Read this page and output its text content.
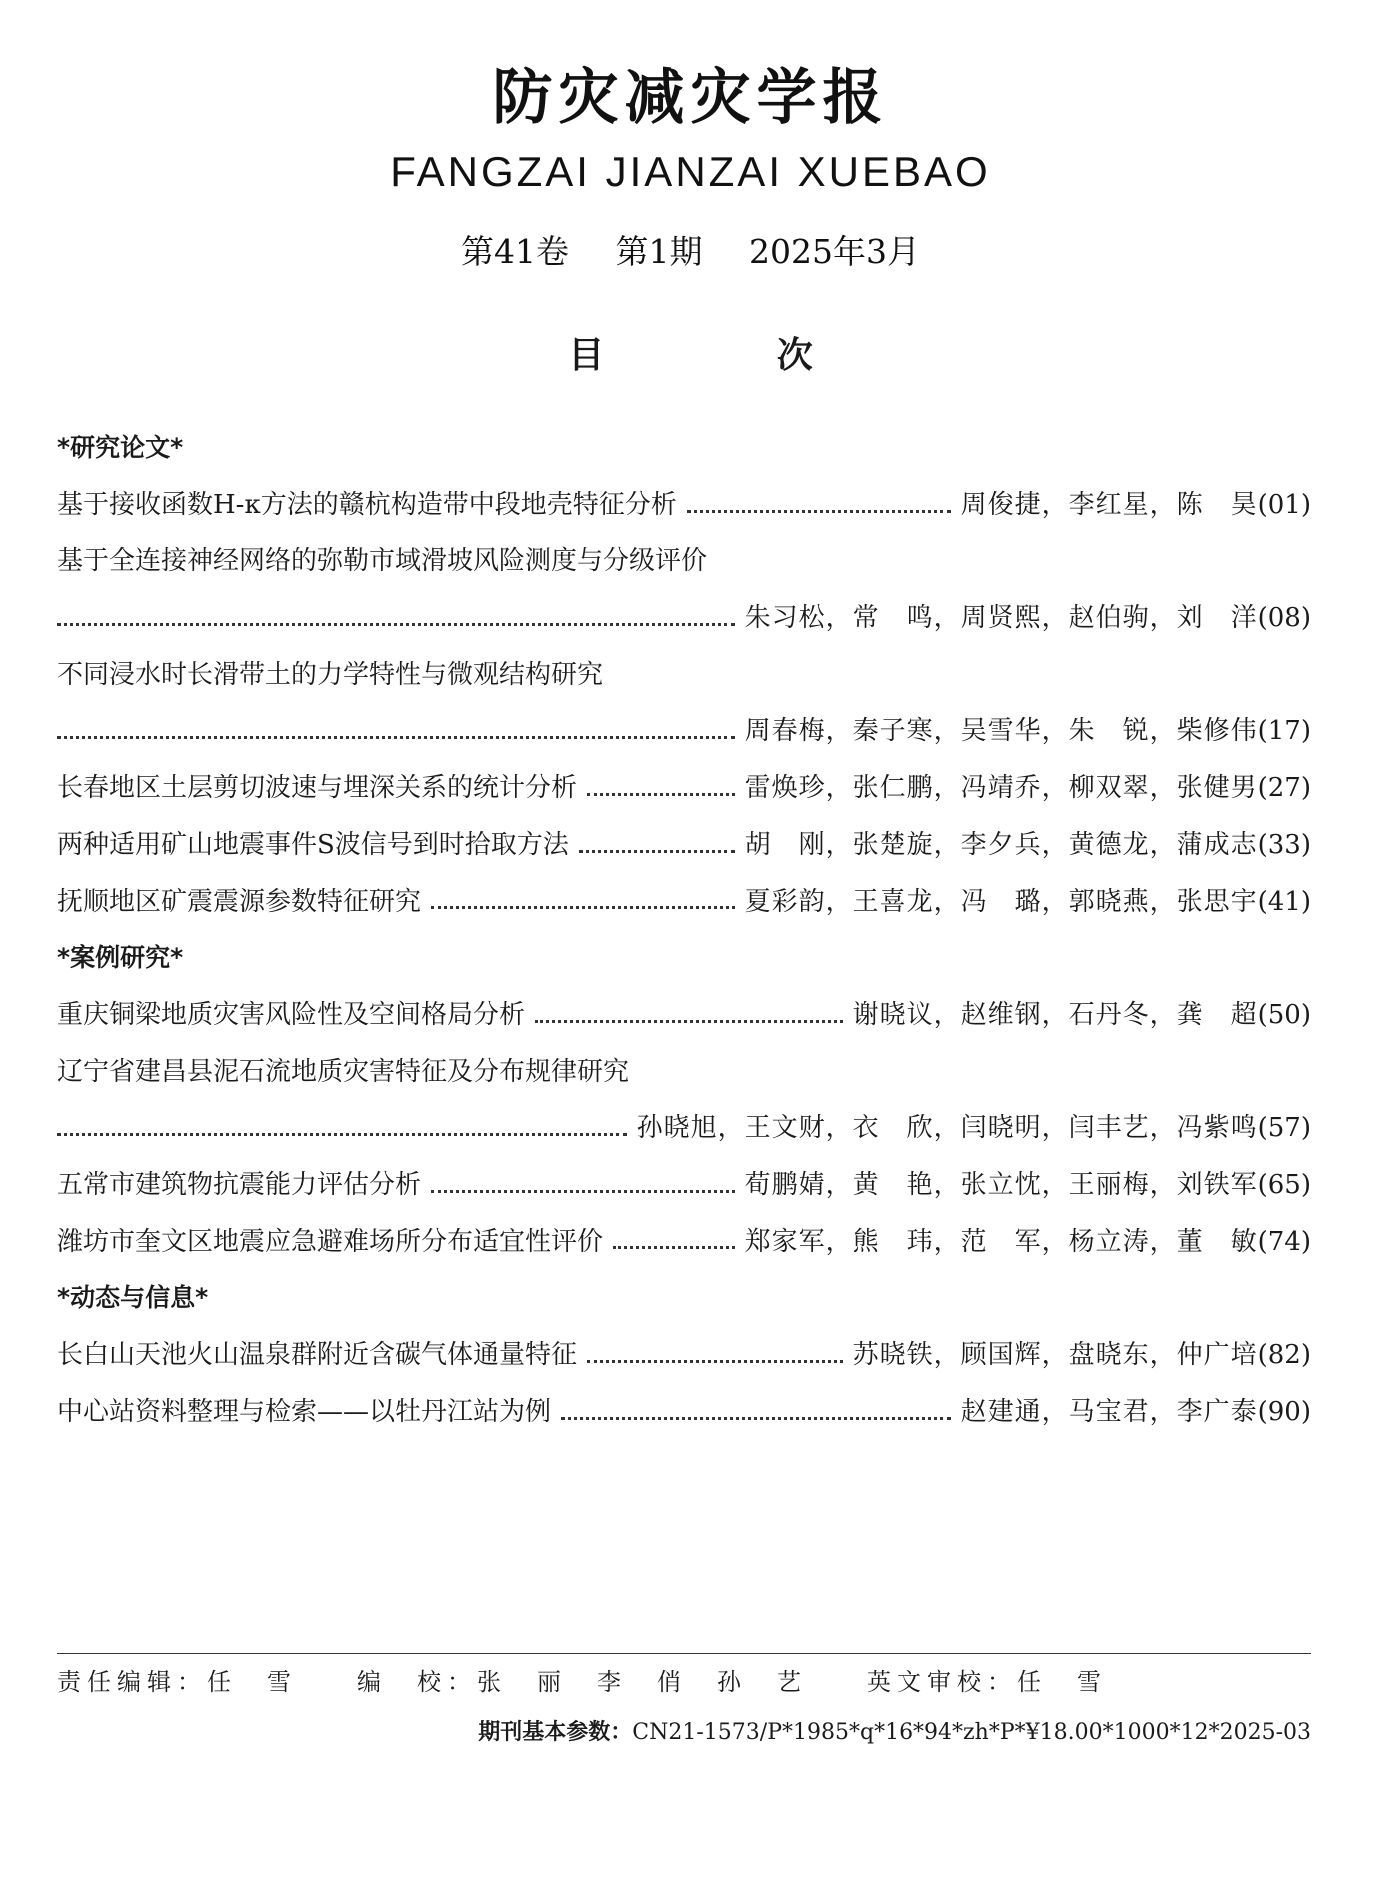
防灾减灾学报
FANGZAI JIANZAI XUEBAO
第41卷 第1期 2025年3月
目 次
*研究论文*
基于接收函数H-κ方法的赣杭构造带中段地壳特征分析	周俊捷，李红星，陈　昊 (01)
基于全连接神经网络的弥勒市域滑坡风险测度与分级评价
朱习松，常　鸣，周贤熙，赵伯驹，刘　洋 (08)
不同浸水时长滑带土的力学特性与微观结构研究
周春梅，秦子寒，吴雪华，朱　锐，柴修伟 (17)
长春地区土层剪切波速与埋深关系的统计分析	雷焕珍，张仁鹏，冯靖乔，柳双翠，张健男 (27)
两种适用矿山地震事件S波信号到时拾取方法	胡　刚，张楚旋，李夕兵，黄德龙，蒲成志 (33)
抚顺地区矿震震源参数特征研究	夏彩韵，王喜龙，冯　璐，郭晓燕，张思宇 (41)
*案例研究*
重庆铜梁地质灾害风险性及空间格局分析	谢晓议，赵维钢，石丹冬，龚　超 (50)
辽宁省建昌县泥石流地质灾害特征及分布规律研究
孙晓旭，王文财，衣　欣，闫晓明，闫丰艺，冯紫鸣 (57)
五常市建筑物抗震能力评估分析	荀鹏婧，黄　艳，张立忱，王丽梅，刘铁军 (65)
潍坊市奎文区地震应急避难场所分布适宜性评价	郑家军，熊　玮，范　军，杨立涛，董　敏 (74)
*动态与信息*
长白山天池火山温泉群附近含碳气体通量特征	苏晓铁，顾国辉，盘晓东，仲广培 (82)
中心站资料整理与检索——以牡丹江站为例	赵建通，马宝君，李广泰 (90)
责任编辑：任　雪　　编　校：张　丽　李　俏　孙　艺　　英文审校：任　雪
期刊基本参数：CN21-1573/P*1985*q*16*94*zh*P*¥18.00*1000*12*2025-03
